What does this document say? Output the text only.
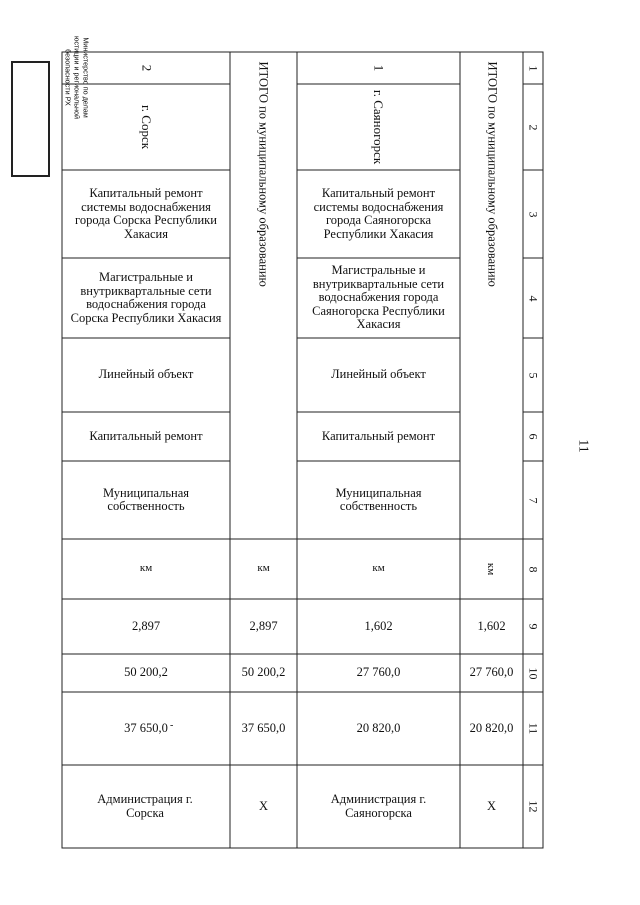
Министерство по делам
юстиции и региональной
безопасности РХ
11
1
2
3
4
5
6
7
8
9
10
11
12
ИТОГО по муниципальному образованию
км
1,602
27 760,0
20 820,0
X
1
г. Саяногорск
Капитальный ремонт системы водоснабжения города Саяногорска Республики Хакасия
Магистральные и внутриквартальные сети водоснабжения города Саяногорска Республики Хакасия
Линейный объект
Капитальный ремонт
Муниципальная собственность
км
1,602
27 760,0
20 820,0
Администрация г. Саяногорска
ИТОГО по муниципальному образованию
км
2,897
50 200,2
37 650,0
X
2
г. Сорск
Капитальный ремонт системы водоснабжения города Сорска Республики Хакасия
Магистральные и внутриквартальные сети водоснабжения города Сорска Республики Хакасия
Линейный объект
Капитальный ремонт
Муниципальная собственность
км
2,897
50 200,2
37 650,0
Администрация г. Сорска
-
